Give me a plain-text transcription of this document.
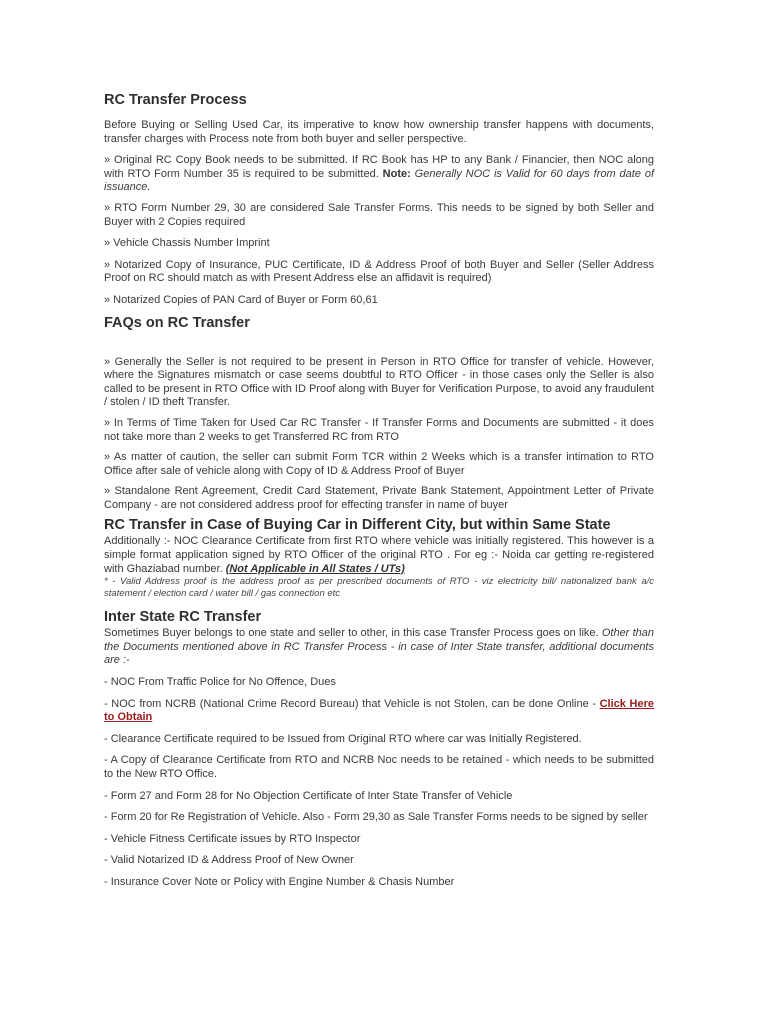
RC Transfer Process

Before Buying or Selling Used Car, its imperative to know how ownership transfer happens with documents, transfer charges with Process note from both buyer and seller perspective.

» Original RC Copy Book needs to be submitted. If RC Book has HP to any Bank / Financier, then NOC along with RTO Form Number 35 is required to be submitted. Note: Generally NOC is Valid for 60 days from date of issuance.

» RTO Form Number 29, 30 are considered Sale Transfer Forms. This needs to be signed by both Seller and Buyer with 2 Copies required

» Vehicle Chassis Number Imprint

» Notarized Copy of Insurance, PUC Certificate, ID & Address Proof of both Buyer and Seller (Seller Address Proof on RC should match as with Present Address else an affidavit is required)

» Notarized Copies of PAN Card of Buyer or Form 60,61

FAQs on RC Transfer

» Generally the Seller is not required to be present in Person in RTO Office for transfer of vehicle. However, where the Signatures mismatch or case seems doubtful to RTO Officer - in those cases only the Seller is also called to be present in RTO Office with ID Proof along with Buyer for Verification Purpose, to avoid any fraudulent / stolen / ID theft Transfer.

» In Terms of Time Taken for Used Car RC Transfer - If Transfer Forms and Documents are submitted - it does not take more than 2 weeks to get Transferred RC from RTO

» As matter of caution, the seller can submit Form TCR within 2 Weeks which is a transfer intimation to RTO Office after sale of vehicle along with Copy of ID & Address Proof of Buyer

» Standalone Rent Agreement, Credit Card Statement, Private Bank Statement, Appointment Letter of Private Company - are not considered address proof for effecting transfer in name of buyer

RC Transfer in Case of Buying Car in Different City, but within Same State

Additionally :- NOC Clearance Certificate from first RTO where vehicle was initially registered. This however is a simple format application signed by RTO Officer of the original RTO . For eg :- Noida car getting re-registered with Ghaziabad number. (Not Applicable in All States / UTs)

* - Valid Address proof is the address proof as per prescribed documents of RTO - viz electricity bill/ nationalized bank a/c statement / election card / water bill / gas connection etc

Inter State RC Transfer

Sometimes Buyer belongs to one state and seller to other, in this case Transfer Process goes on like. Other than the Documents mentioned above in RC Transfer Process - in case of Inter State transfer, additional documents are :-

- NOC From Traffic Police for No Offence, Dues

- NOC from NCRB (National Crime Record Bureau) that Vehicle is not Stolen, can be done Online - Click Here to Obtain

- Clearance Certificate required to be Issued from Original RTO where car was Initially Registered.

- A Copy of Clearance Certificate from RTO and NCRB Noc needs to be retained - which needs to be submitted to the New RTO Office.

- Form 27 and Form 28 for No Objection Certificate of Inter State Transfer of Vehicle

- Form 20 for Re Registration of Vehicle. Also - Form 29,30 as Sale Transfer Forms needs to be signed by seller

- Vehicle Fitness Certificate issues by RTO Inspector

- Valid Notarized ID & Address Proof of New Owner

- Insurance Cover Note or Policy with Engine Number & Chasis Number
